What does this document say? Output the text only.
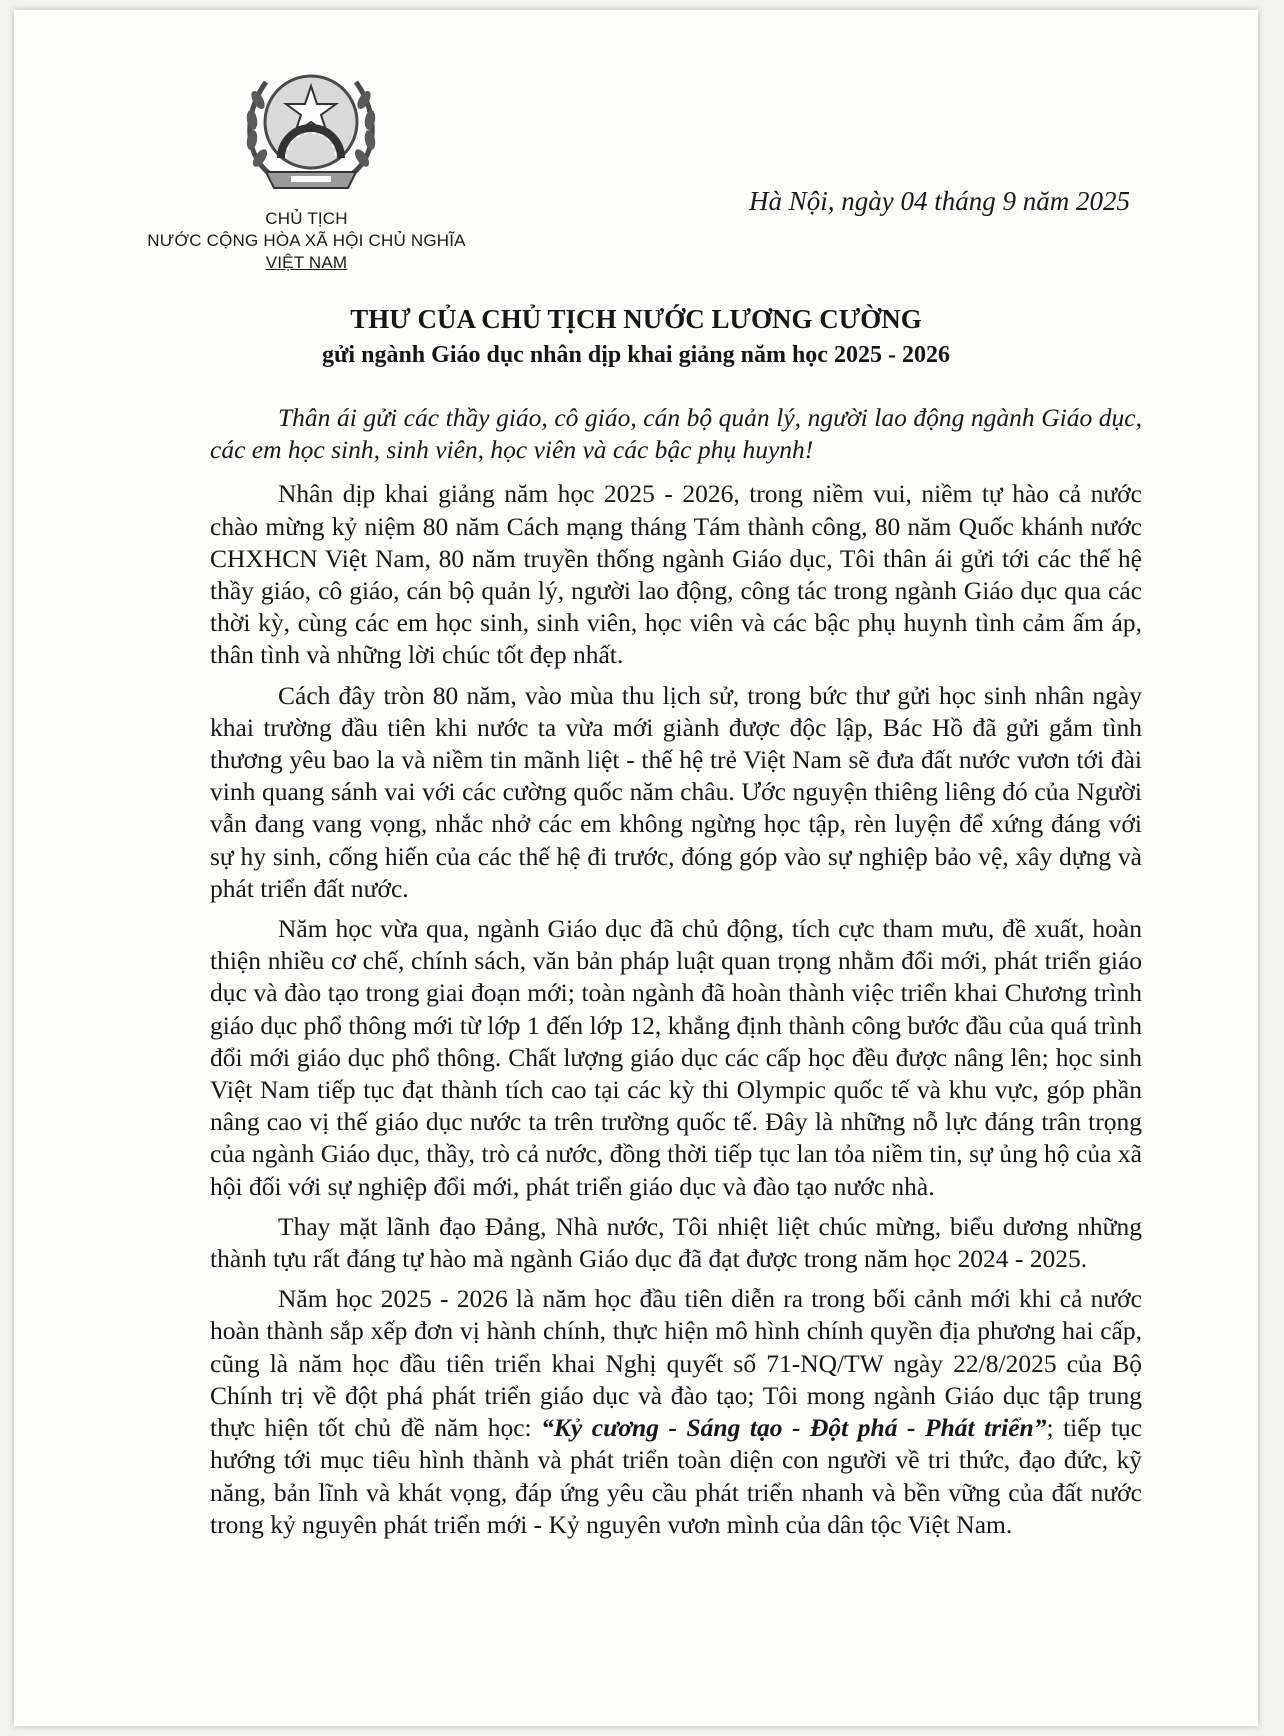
CHỦ TỊCH
NƯỚC CỘNG HÒA XÃ HỘI CHỦ NGHĨA
VIỆT NAM
Hà Nội, ngày 04 tháng 9 năm 2025
THƯ CỦA CHỦ TỊCH NƯỚC LƯƠNG CƯỜNG
gửi ngành Giáo dục nhân dịp khai giảng năm học 2025 - 2026

Thân ái gửi các thầy giáo, cô giáo, cán bộ quản lý, người lao động ngành Giáo dục, các em học sinh, sinh viên, học viên và các bậc phụ huynh!

Nhân dịp khai giảng năm học 2025 - 2026, trong niềm vui, niềm tự hào cả nước chào mừng kỷ niệm 80 năm Cách mạng tháng Tám thành công, 80 năm Quốc khánh nước CHXHCN Việt Nam, 80 năm truyền thống ngành Giáo dục, Tôi thân ái gửi tới các thế hệ thầy giáo, cô giáo, cán bộ quản lý, người lao động, công tác trong ngành Giáo dục qua các thời kỳ, cùng các em học sinh, sinh viên, học viên và các bậc phụ huynh tình cảm ấm áp, thân tình và những lời chúc tốt đẹp nhất.

Cách đây tròn 80 năm, vào mùa thu lịch sử, trong bức thư gửi học sinh nhân ngày khai trường đầu tiên khi nước ta vừa mới giành được độc lập, Bác Hồ đã gửi gắm tình thương yêu bao la và niềm tin mãnh liệt - thế hệ trẻ Việt Nam sẽ đưa đất nước vươn tới đài vinh quang sánh vai với các cường quốc năm châu. Ước nguyện thiêng liêng đó của Người vẫn đang vang vọng, nhắc nhở các em không ngừng học tập, rèn luyện để xứng đáng với sự hy sinh, cống hiến của các thế hệ đi trước, đóng góp vào sự nghiệp bảo vệ, xây dựng và phát triển đất nước.

Năm học vừa qua, ngành Giáo dục đã chủ động, tích cực tham mưu, đề xuất, hoàn thiện nhiều cơ chế, chính sách, văn bản pháp luật quan trọng nhằm đổi mới, phát triển giáo dục và đào tạo trong giai đoạn mới; toàn ngành đã hoàn thành việc triển khai Chương trình giáo dục phổ thông mới từ lớp 1 đến lớp 12, khẳng định thành công bước đầu của quá trình đổi mới giáo dục phổ thông. Chất lượng giáo dục các cấp học đều được nâng lên; học sinh Việt Nam tiếp tục đạt thành tích cao tại các kỳ thi Olympic quốc tế và khu vực, góp phần nâng cao vị thế giáo dục nước ta trên trường quốc tế. Đây là những nỗ lực đáng trân trọng của ngành Giáo dục, thầy, trò cả nước, đồng thời tiếp tục lan tỏa niềm tin, sự ủng hộ của xã hội đối với sự nghiệp đổi mới, phát triển giáo dục và đào tạo nước nhà.

Thay mặt lãnh đạo Đảng, Nhà nước, Tôi nhiệt liệt chúc mừng, biểu dương những thành tựu rất đáng tự hào mà ngành Giáo dục đã đạt được trong năm học 2024 - 2025.

Năm học 2025 - 2026 là năm học đầu tiên diễn ra trong bối cảnh mới khi cả nước hoàn thành sắp xếp đơn vị hành chính, thực hiện mô hình chính quyền địa phương hai cấp, cũng là năm học đầu tiên triển khai Nghị quyết số 71-NQ/TW ngày 22/8/2025 của Bộ Chính trị về đột phá phát triển giáo dục và đào tạo; Tôi mong ngành Giáo dục tập trung thực hiện tốt chủ đề năm học: “Kỷ cương - Sáng tạo - Đột phá - Phát triển”; tiếp tục hướng tới mục tiêu hình thành và phát triển toàn diện con người về tri thức, đạo đức, kỹ năng, bản lĩnh và khát vọng, đáp ứng yêu cầu phát triển nhanh và bền vững của đất nước trong kỷ nguyên phát triển mới - Kỷ nguyên vươn mình của dân tộc Việt Nam.
